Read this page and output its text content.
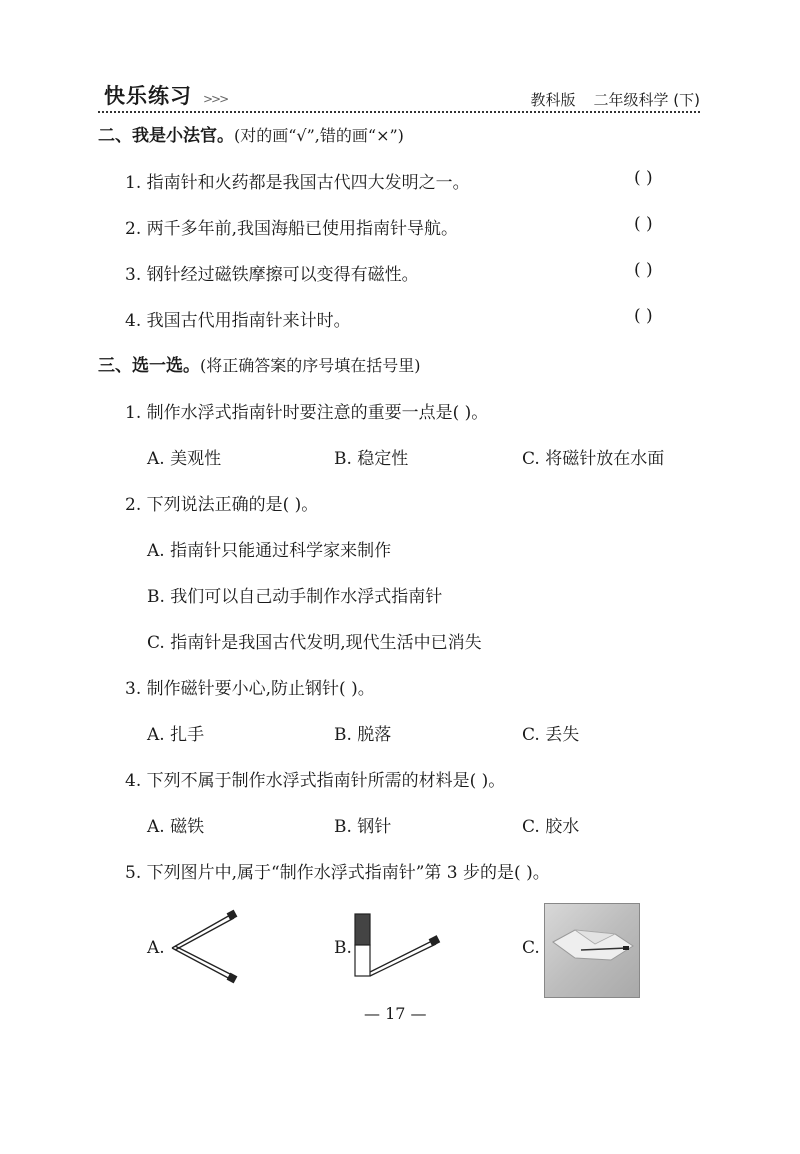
快乐练习 >>>	教科版 二年级科学 (下)
二、我是小法官。(对的画“√”,错的画“×”)
1. 指南针和火药都是我国古代四大发明之一。	( )
2. 两千多年前,我国海船已使用指南针导航。	( )
3. 钢针经过磁铁摩擦可以变得有磁性。	( )
4. 我国古代用指南针来计时。	( )
三、选一选。(将正确答案的序号填在括号里)
1. 制作水浮式指南针时要注意的重要一点是( )。
A. 美观性	B. 稳定性	C. 将磁针放在水面
2. 下列说法正确的是( )。
A. 指南针只能通过科学家来制作
B. 我们可以自己动手制作水浮式指南针
C. 指南针是我国古代发明,现代生活中已消失
3. 制作磁针要小心,防止钢针( )。
A. 扎手	B. 脱落	C. 丢失
4. 下列不属于制作水浮式指南针所需的材料是( )。
A. 磁铁	B. 钢针	C. 胶水
5. 下列图片中,属于“制作水浮式指南针”第 3 步的是( )。
A.	B.	C.
— 17 —
